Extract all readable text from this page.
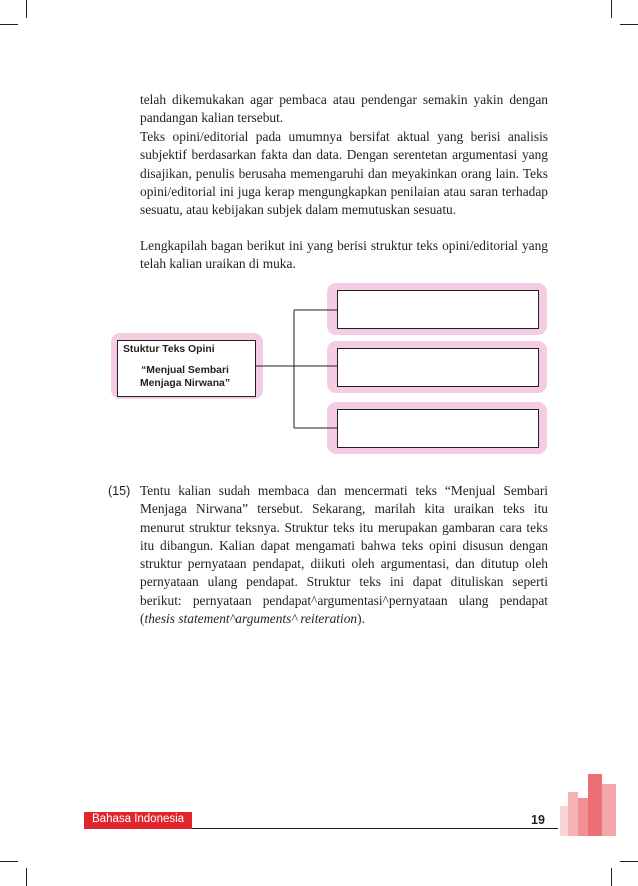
telah dikemukakan agar pembaca atau pendengar semakin yakin dengan pandangan kalian tersebut.

Teks opini/editorial pada umumnya bersifat aktual yang berisi analisis subjektif berdasarkan fakta dan data. Dengan serentetan argumentasi yang disajikan, penulis berusaha memengaruhi dan meyakinkan orang lain. Teks opini/editorial ini juga kerap mengungkapkan penilaian atau saran terhadap sesuatu, atau kebijakan subjek dalam memutuskan sesuatu.

Lengkapilah bagan berikut ini yang berisi struktur teks opini/editorial yang telah kalian uraikan di muka.

Stuktur Teks Opini
“Menjual Sembari Menjaga Nirwana”
(15) Tentu kalian sudah membaca dan mencermati teks “Menjual Sembari Menjaga Nirwana” tersebut. Sekarang, marilah kita uraikan teks itu menurut struktur teksnya. Struktur teks itu merupakan gambaran cara teks itu dibangun. Kalian dapat mengamati bahwa teks opini disusun dengan struktur pernyataan pendapat, diikuti oleh argumentasi, dan ditutup oleh pernyataan ulang pendapat. Struktur teks ini dapat dituliskan seperti berikut: pernyataan pendapat^argumentasi^pernyataan ulang pendapat (thesis statement^arguments^ reiteration).

Bahasa Indonesia	19
